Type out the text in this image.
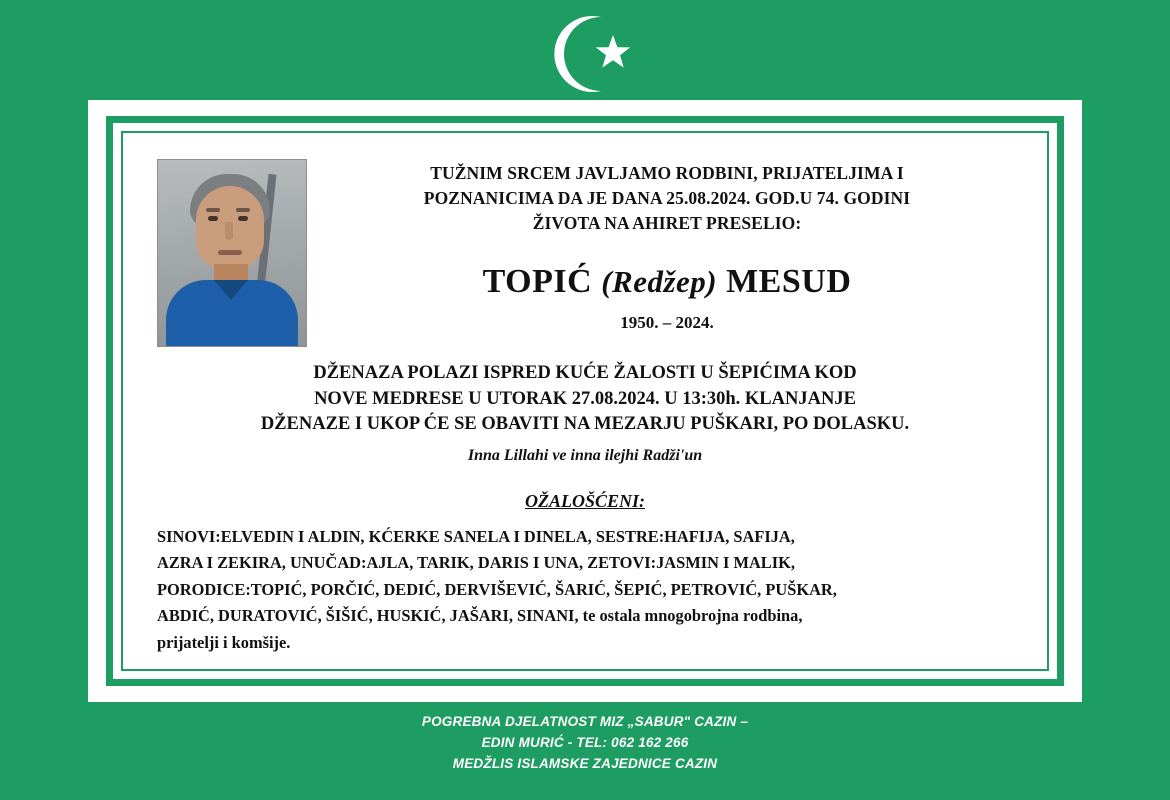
TUŽNIM SRCEM JAVLJAMO RODBINI, PRIJATELJIMA I
POZNANICIMA DA JE DANA 25.08.2024. GOD.U 74. GODINI
ŽIVOTA NA AHIRET PRESELIO:
TOPIĆ (Redžep) MESUD
1950. – 2024.
DŽENAZA POLAZI ISPRED KUĆE ŽALOSTI U ŠEPIĆIMA KOD
NOVE MEDRESE U UTORAK 27.08.2024. U 13:30h. KLANJANJE
DŽENAZE I UKOP ĆE SE OBAVITI NA MEZARJU PUŠKARI, PO DOLASKU.
Inna Lillahi ve inna ilejhi Radži'un
OŽALOŠĆENI:
SINOVI:ELVEDIN I ALDIN, KĆERKE SANELA I DINELA, SESTRE:HAFIJA, SAFIJA,
AZRA I ZEKIRA, UNUČAD:AJLA, TARIK, DARIS I UNA, ZETOVI:JASMIN I MALIK,
PORODICE:TOPIĆ, PORČIĆ, DEDIĆ, DERVIŠEVIĆ, ŠARIĆ, ŠEPIĆ, PETROVIĆ, PUŠKAR,
ABDIĆ, DURATOVIĆ, ŠIŠIĆ, HUSKIĆ, JAŠARI, SINANI, te ostala mnogobrojna rodbina,
prijatelji i komšije.
POGREBNA DJELATNOST MIZ „SABUR" CAZIN –
EDIN MURIĆ - TEL: 062 162 266
MEDŽLIS ISLAMSKE ZAJEDNICE CAZIN
